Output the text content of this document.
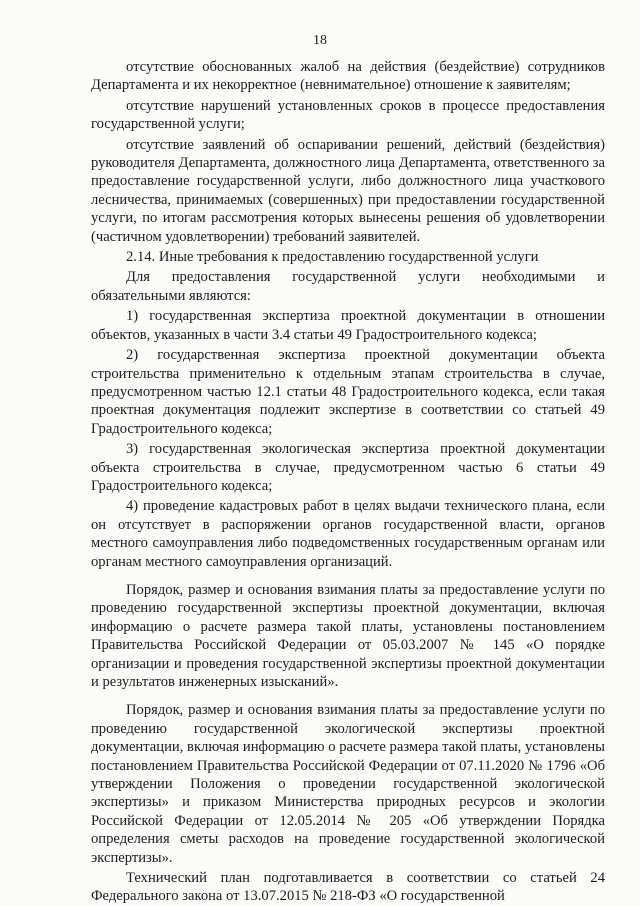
18

отсутствие обоснованных жалоб на действия (бездействие) сотрудников Департамента и их некорректное (невнимательное) отношение к заявителям;

отсутствие нарушений установленных сроков в процессе предоставления государственной услуги;

отсутствие заявлений об оспаривании решений, действий (бездействия) руководителя Департамента, должностного лица Департамента, ответственного за предоставление государственной услуги, либо должностного лица участкового лесничества, принимаемых (совершенных) при предоставлении государственной услуги, по итогам рассмотрения которых вынесены решения об удовлетворении (частичном удовлетворении) требований заявителей.

2.14. Иные требования к предоставлению государственной услуги

Для предоставления государственной услуги необходимыми и обязательными являются:

1) государственная экспертиза проектной документации в отношении объектов, указанных в части 3.4 статьи 49 Градостроительного кодекса;

2) государственная экспертиза проектной документации объекта строительства применительно к отдельным этапам строительства в случае, предусмотренном частью 12.1 статьи 48 Градостроительного кодекса, если такая проектная документация подлежит экспертизе в соответствии со статьей 49 Градостроительного кодекса;

3) государственная экологическая экспертиза проектной документации объекта строительства в случае, предусмотренном частью 6 статьи 49 Градостроительного кодекса;

4) проведение кадастровых работ в целях выдачи технического плана, если он отсутствует в распоряжении органов государственной власти, органов местного самоуправления либо подведомственных государственным органам или органам местного самоуправления организаций.

Порядок, размер и основания взимания платы за предоставление услуги по проведению государственной экспертизы проектной документации, включая информацию о расчете размера такой платы, установлены постановлением Правительства Российской Федерации от 05.03.2007 № 145 «О порядке организации и проведения государственной экспертизы проектной документации и результатов инженерных изысканий».

Порядок, размер и основания взимания платы за предоставление услуги по проведению государственной экологической экспертизы проектной документации, включая информацию о расчете размера такой платы, установлены постановлением Правительства Российской Федерации от 07.11.2020 № 1796 «Об утверждении Положения о проведении государственной экологической экспертизы» и приказом Министерства природных ресурсов и экологии Российской Федерации от 12.05.2014 № 205 «Об утверждении Порядка определения сметы расходов на проведение государственной экологической экспертизы».

Технический план подготавливается в соответствии со статьей 24 Федерального закона от 13.07.2015 № 218-ФЗ «О государственной
